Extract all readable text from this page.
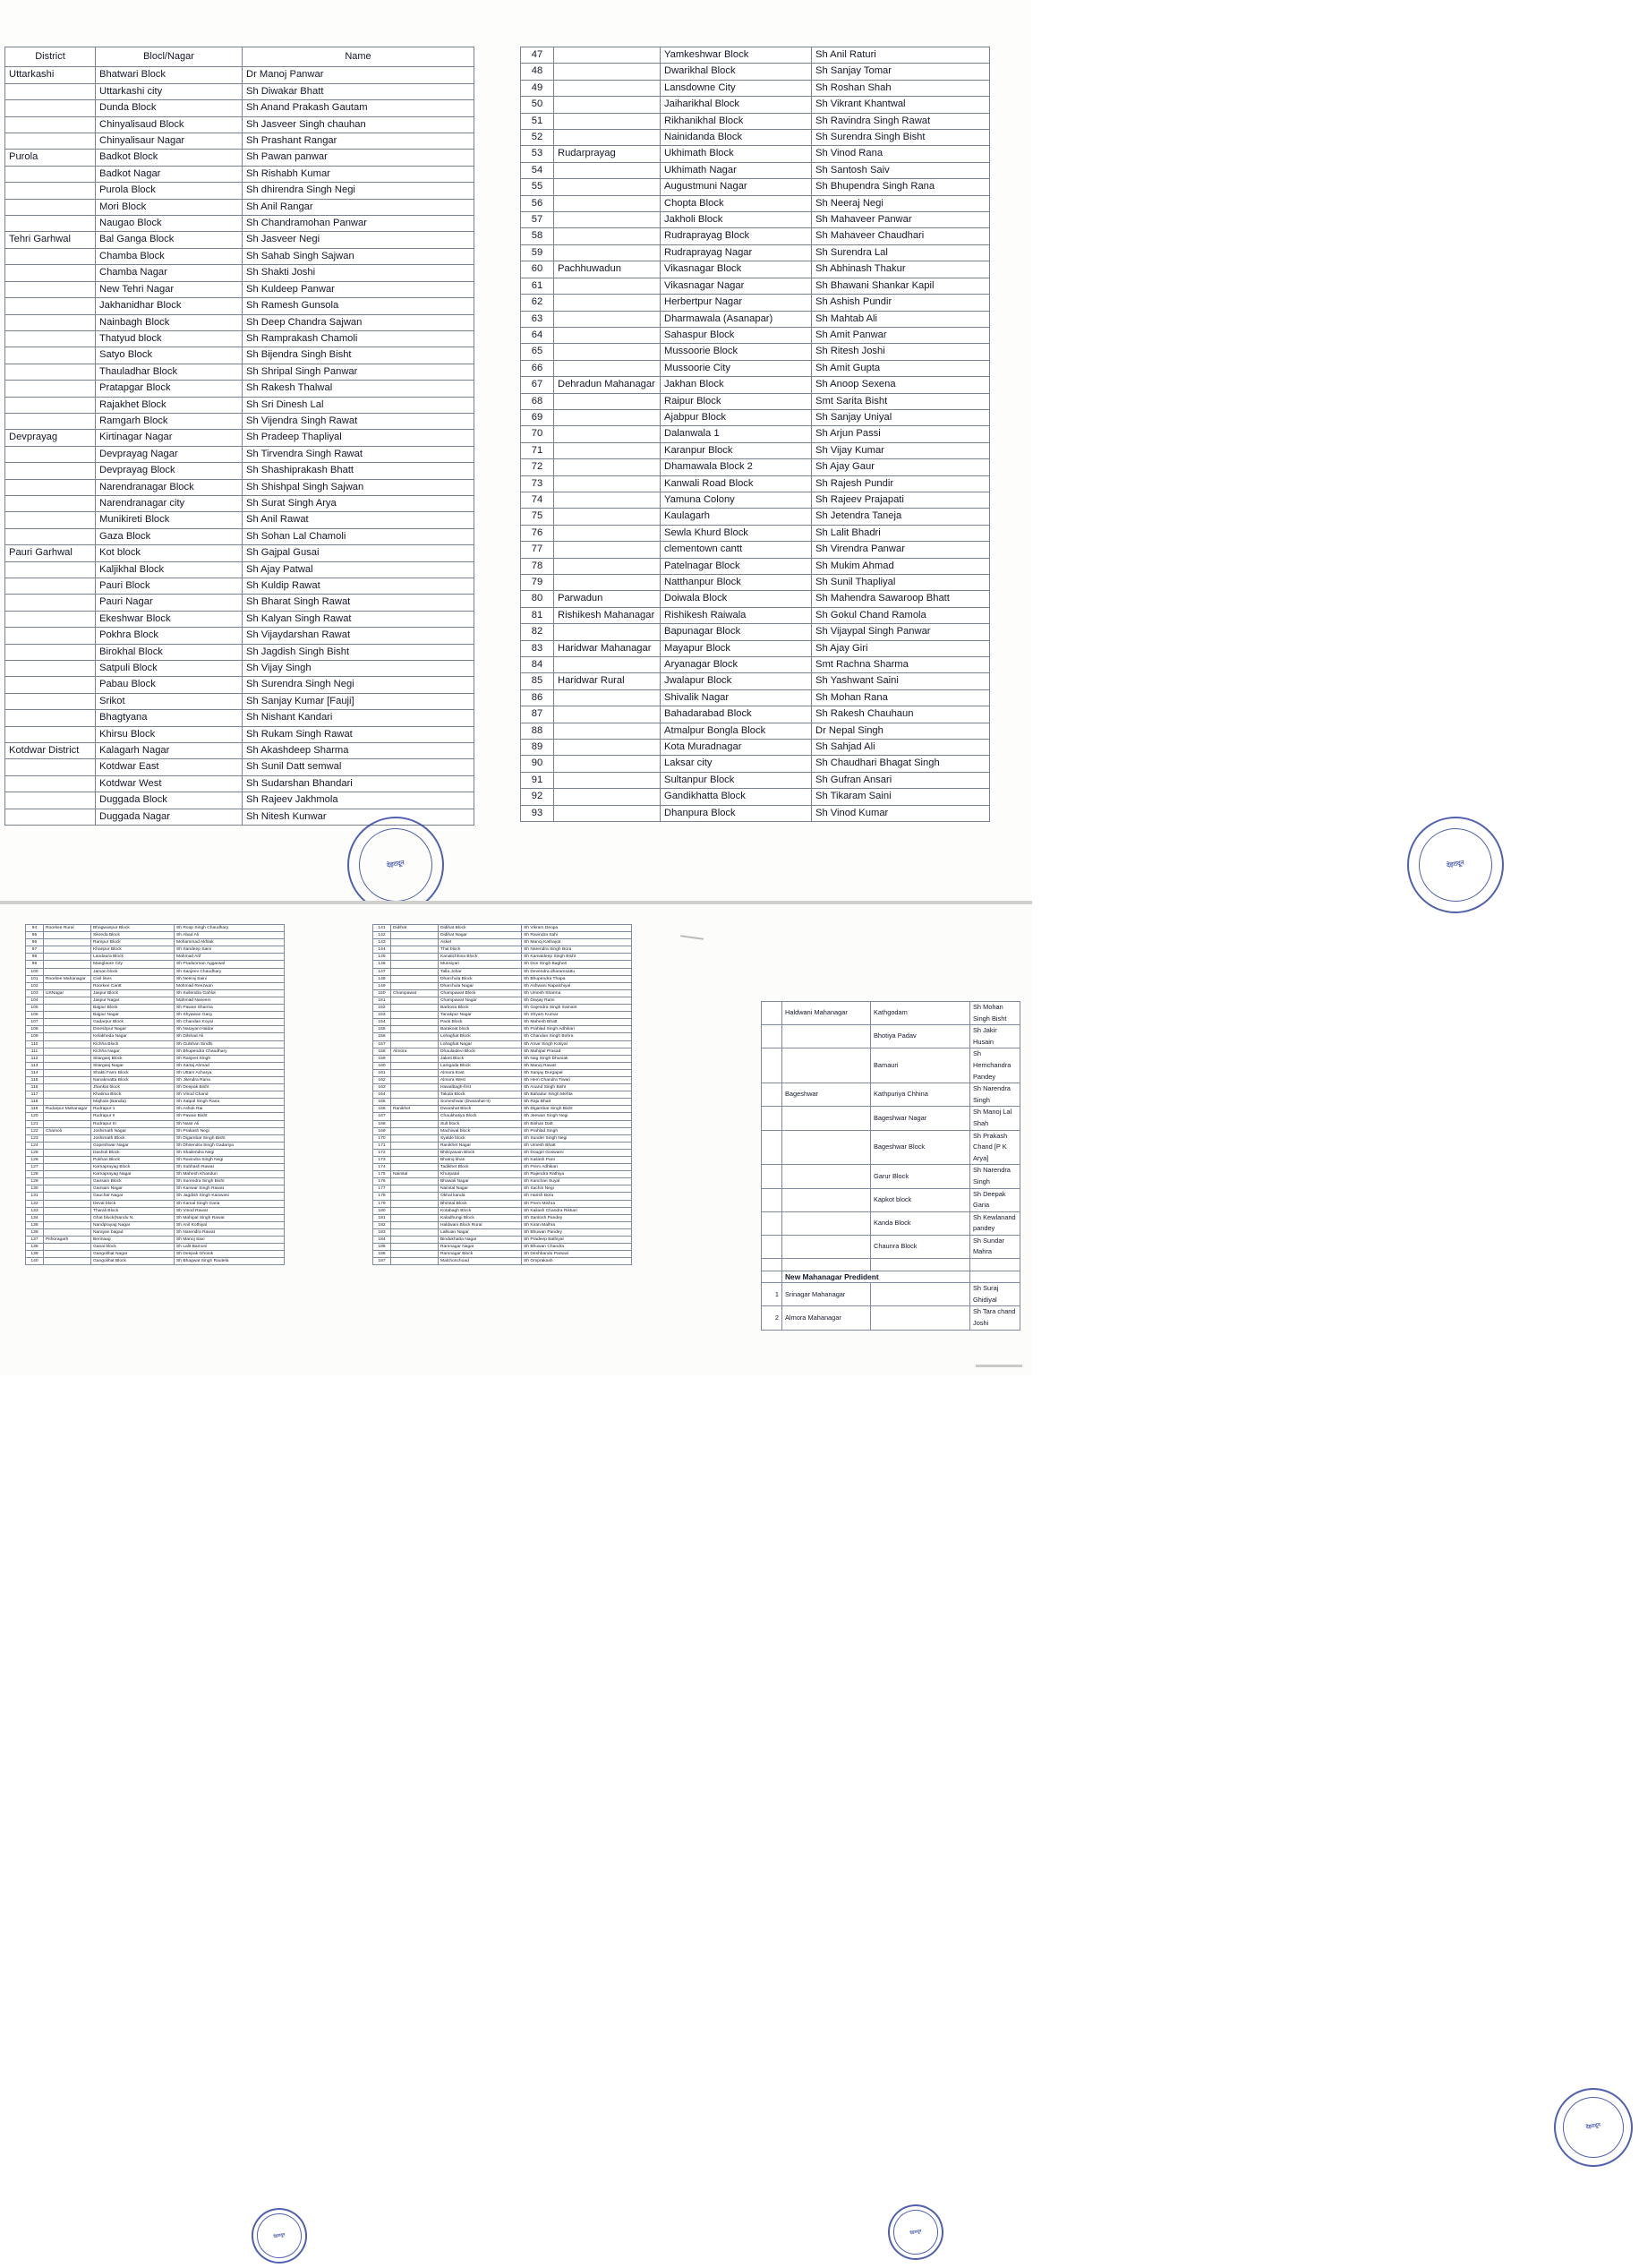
District	Blocl/Nagar	Name
Uttarkashi	Bhatwari Block	Dr Manoj Panwar
	Uttarkashi city	Sh Diwakar Bhatt
	Dunda Block	Sh Anand Prakash Gautam
	Chinyalisaud Block	Sh Jasveer Singh chauhan
	Chinyalisaur Nagar	Sh Prashant Rangar
Purola	Badkot Block	Sh Pawan panwar
	Badkot Nagar	Sh Rishabh Kumar
	Purola Block	Sh dhirendra Singh Negi
	Mori Block	Sh Anil Rangar
	Naugao Block	Sh Chandramohan Panwar
Tehri Garhwal	Bal Ganga Block	Sh Jasveer Negi
	Chamba Block	Sh Sahab Singh Sajwan
	Chamba Nagar	Sh Shakti Joshi
	New Tehri Nagar	Sh Kuldeep Panwar
	Jakhanidhar Block	Sh Ramesh Gunsola
	Nainbagh Block	Sh Deep Chandra Sajwan
	Thatyud block	Sh Ramprakash Chamoli
	Satyo Block	Sh Bijendra Singh Bisht
	Thauladhar Block	Sh Shripal Singh Panwar
	Pratapgar Block	Sh Rakesh Thalwal
	Rajakhet Block	Sh Sri Dinesh Lal
	Ramgarh Block	Sh Vijendra Singh Rawat
Devprayag	Kirtinagar Nagar	Sh Pradeep Thapliyal
	Devprayag Nagar	Sh Tirvendra Singh Rawat
	Devprayag Block	Sh Shashiprakash Bhatt
	Narendranagar Block	Sh Shishpal Singh Sajwan
	Narendranagar city	Sh Surat Singh Arya
	Munikireti Block	Sh Anil Rawat
	Gaza Block	Sh Sohan Lal Chamoli
Pauri Garhwal	Kot block	Sh Gajpal Gusai
	Kaljikhal Block	Sh Ajay Patwal
	Pauri Block	Sh Kuldip Rawat
	Pauri Nagar	Sh Bharat Singh Rawat
	Ekeshwar Block	Sh Kalyan Singh Rawat
	Pokhra Block	Sh Vijaydarshan Rawat
	Birokhal Block	Sh Jagdish Singh Bisht
	Satpuli Block	Sh Vijay Singh
	Pabau Block	Sh Surendra Singh Negi
	Srikot	Sh Sanjay Kumar [Fauji]
	Bhagtyana	Sh Nishant Kandari
	Khirsu Block	Sh Rukam Singh Rawat
Kotdwar District	Kalagarh Nagar	Sh Akashdeep Sharma
	Kotdwar East	Sh Sunil Datt semwal
	Kotdwar West	Sh Sudarshan Bhandari
	Duggada Block	Sh Rajeev Jakhmola
	Duggada Nagar	Sh Nitesh Kunwar
देहरादून
47		Yamkeshwar Block	Sh Anil Raturi
48		Dwarikhal Block	Sh Sanjay Tomar
49		Lansdowne City	Sh Roshan Shah
50		Jaiharikhal Block	Sh Vikrant Khantwal
51		Rikhanikhal Block	Sh Ravindra Singh Rawat
52		Nainidanda Block	Sh Surendra Singh Bisht
53	Rudarprayag	Ukhimath Block	Sh Vinod Rana
54		Ukhimath Nagar	Sh Santosh Saiv
55		Augustmuni Nagar	Sh Bhupendra Singh Rana
56		Chopta Block	Sh Neeraj Negi
57		Jakholi Block	Sh Mahaveer Panwar
58		Rudraprayag Block	Sh Mahaveer Chaudhari
59		Rudraprayag Nagar	Sh Surendra Lal
60	Pachhuwadun	Vikasnagar Block	Sh Abhinash Thakur
61		Vikasnagar Nagar	Sh Bhawani Shankar Kapil
62		Herbertpur Nagar	Sh Ashish Pundir
63		Dharmawala (Asanapar)	Sh Mahtab Ali
64		Sahaspur Block	Sh Amit Panwar
65		Mussoorie Block	Sh Ritesh Joshi
66		Mussoorie City	Sh Amit Gupta
67	Dehradun Mahanagar	Jakhan Block	Sh Anoop Sexena
68		Raipur Block	Smt Sarita Bisht
69		Ajabpur Block	Sh Sanjay Uniyal
70		Dalanwala 1	Sh Arjun Passi
71		Karanpur Block	Sh Vijay Kumar
72		Dhamawala Block 2	Sh Ajay Gaur
73		Kanwali Road Block	Sh Rajesh Pundir
74		Yamuna Colony	Sh Rajeev Prajapati
75		Kaulagarh	Sh Jetendra Taneja
76		Sewla Khurd Block	Sh Lalit Bhadri
77		clementown cantt	Sh Virendra Panwar
78		Patelnagar Block	Sh Mukim Ahmad
79		Natthanpur Block	Sh Sunil Thapliyal
80	Parwadun	Doiwala Block	Sh Mahendra Sawaroop Bhatt
81	Rishikesh Mahanagar	Rishikesh Raiwala	Sh Gokul Chand Ramola
82		Bapunagar Block	Sh Vijaypal Singh Panwar
83	Haridwar Mahanagar	Mayapur Block	Sh Ajay Giri
84		Aryanagar Block	Smt Rachna Sharma
85	Haridwar Rural	Jwalapur Block	Sh Yashwant Saini
86		Shivalik Nagar	Sh Mohan Rana
87		Bahadarabad Block	Sh Rakesh Chauhaun
88		Atmalpur Bongla Block	Dr Nepal Singh
89		Kota Muradnagar	Sh Sahjad Ali
90		Laksar city	Sh Chaudhari Bhagat Singh
91		Sultanpur Block	Sh Gufran Ansari
92		Gandikhatta Block	Sh Tikaram Saini
93		Dhanpura Block	Sh Vinod Kumar
देहरादून
94	Roorkee Rural	Bhagwanpur Block	Sh Roop Singh Chaudhary
95		Sikreda Block	Sh Abad Ali
96		Rampur Block	Mohammad Akhlak
97		Khanpur Block	Sh Sandeep Saini
98		Landaura Block	Mahmad Arif
99		Manglaore City	Sh Pradunman Aggarwal
100		Jaman block	Sh Sanjeev Chaudhary
101	Roorkee Mahanagar	Civil lines	Sh Neeraj Saini
102		Roorkee Cantt	Mohmad Reezwan
103	USNagar	Jaspur Block	Sh Sullendra Gahlot
104		Jaspur Nagar	Mahmad Naseem
105		Bajpur Block	Sh Pawan Sharma
106		Bajpur Nagar	Sh Shyawan Garg
107		Gadarpur Block	Sh Chandan Koyal
108		Dineshpur Nagar	Sh Narayan Haldar
109		Kelakheda Nagar	Sh Dilshad Ali
110		Kichha Block	Sh Gulshan Sindhi
111		Kichha Nagar	Sh Bhupendra Chaudhary
112		Sitarganj Block	Sh Ranjeet Singh
113		Sitarganj Nagar	Sh Sartaj Ahmad
114		Shakti Farm Block	Sh Uttam Acharya
115		Nanakmatta Block	Sh Jitendra Rana
116		Jhankat block	Sh Deepak Bisht
117		Khatima Block	Sh Vinod Chand
118		Majhola (Bandia)	Sh Satpal Singh Rana
119	Rudarpur Mahanagar	Rudrapur 1	Sh Ashok Rai
120		Rudrapur II	Sh Pawan Bisht
121		Rudrapur III	Sh Nasir Ali
122	Chamoli	Joshimath Nagar	Sh Prakash Negi
123		Joshimath Block	Sh Digambar Singh Bisht
124		Gopeshwar Nagar	Sh Dhirendra Singh Gadariya
125		Dasholi Block	Sh Shailendra Negi
126		Pokhari Block	Sh Ravindra Singh Negi
127		Karnaprayag Block	Sh Subhash Rawat
128		Karnaprayag Nagar	Sh Mahesh Khanduri
129		Gairsain Block	Sh Surendra Singh Bisht
130		Gairsain Nagar	Sh Kanwar Singh Rawat
131		Gauchar Nagar	Sh Jagdish Singh Kaiswasi
132		Deval block	Sh Kamal Singh Garia
133		Tharali Block	Sh Vinod Rawat
134		Ghat block(Nandu N.	Sh Mahipal Singh Rawat
135		Nandprayag Nagar	Sh Anil Kothiyal
136		Narayan bagad	Sh Narendra Rawat
137	Pithoragarh	Berinaag	Sh Manoj Saxi
138		Ganai block	Sh Lalit Bamoni
139		Gangolihat Nagar	Sh Deepak Ghonik
140		Gangolihat Block	Sh Bhagwat Singh Rautela
देहरादून
141	Didihat	Didihat Block	Sh Vikram Deopa
142		Didihat Nagar	Sh Ravindra Sahi
143		Asket	Sh Manoj Kathayat
144		Thal block	Sh Narendra Singh Bora
145		Kanalichhina Block	Sh Kamaldeep Singh Bisht
146		Munsiyari	Sh Don Singh Bagheri
147		Talla Johar	Sh Devendra dharamsattu
148		Dharchula Block	Sh Bhupendra Thapa
149		Dharchula Nagar	Sh Ashwani Napalchiyal
150	Champawat	Champawat Block	Sh Umesh Sharma
151		Champawat Nagar	Sh Diwjay Rami
152		Barbosa Block	Sh Gajendra Singh Samant
153		Tanakpur Nagar	Sh Shyam Kumar
154		Paoti Block	Sh Mahesh Bhatt
155		Barakoat block	Sh Prahlad Singh Adhikari
156		Lohaghat Block	Sh Chandan Singh Bohra
157		Lohaghat Nagar	Sh Amar Singh Kotiyal
158	Almora	Dhaulaidevi Block	Sh Mahipal Prasad
159		Jaketi Block	Sh Nag Singh Dhuniak
160		Lamgada Block	Sh Manoj Rawat
161		Almora East	Sh Sanjay Durgapal
162		Almora West	Sh Hem Chandra Tiwari
163		Hawalbagh-first	Sh Anand Singh Bisht
164		Takula Block	Sh Bahadur Singh Mehta
165		Someshwar (Dwarahat-II)	Sh Raju Bhatt
166	Ranikhet	Dwarahat Block	Sh Digambar Singh Bisht
167		Chaukhatiya Block	Sh Jeewan Singh Negi
168		Sult block	Sh Bishan Datt
169		Machiwal block	Sh Prahlad Singh
170		Syalde block	Sh Sunder Singh Negi
171		Ranikhet Nagar	Sh Umesh Bhatt
172		Bhikiyasain Block	Sh Dougiri Goswami
173		Bhatroj khan	Sh Kailash Pant
174		Tadikhet Block	Sh Prem Adhikari
175	Nainital	Khurpatal	Sh Rajendra Rathiya
176		Bhawali Nagar	Sh Kanchan Suyal
177		Nainital Nagar	Sh Sachin Negi
178		Okhal kanda	Sh Harish Bora
179		Bhimtal Block	Sh Prem Mishra
180		Kotabagh Block	Sh Kailash Chandra Rikkari
181		Kaladhungi Block	Sh Santosh Pandey
182		Haldwani Block Rural	Sh Kiran Malhra
183		Lalkuan Nagar	Sh Bhuwan Pandey
184		Bindukhatta Nagar	Sh Pradeep Bathiyal
185		Ramnagar Nagar	Sh Bhuwan Chandra
186		Ramnagar Block	Sh Deshbandu Panwal
187		Malchonchoad	Sh Omprakash
देहरादून
	Haldwani Mahanagar	Kathgodam	Sh Mohan Singh Bisht
		Bhotiya Padav	Sh Jakir Husain
		Bamauri	Sh Hemchandra Pandey
	Bageshwar	Kathpuriya Chhina	Sh Narendra Singh
		Bageshwar Nagar	Sh Manoj Lal Shah
		Bageshwar Block	Sh Prakash Chand [P K Arya]
		Garur Block	Sh Narendra Singh
		Kapkot block	Sh Deepak Garia
		Kanda Block	Sh Kewlanand pandey
		Chaunra Block	Sh Sundar Mahra

	New Mahanagar Predident		
1	Srinagar Mahanagar		Sh Suraj Ghidiyal
2	Almora Mahanagar		Sh Tara chand Joshi
देहरादून
